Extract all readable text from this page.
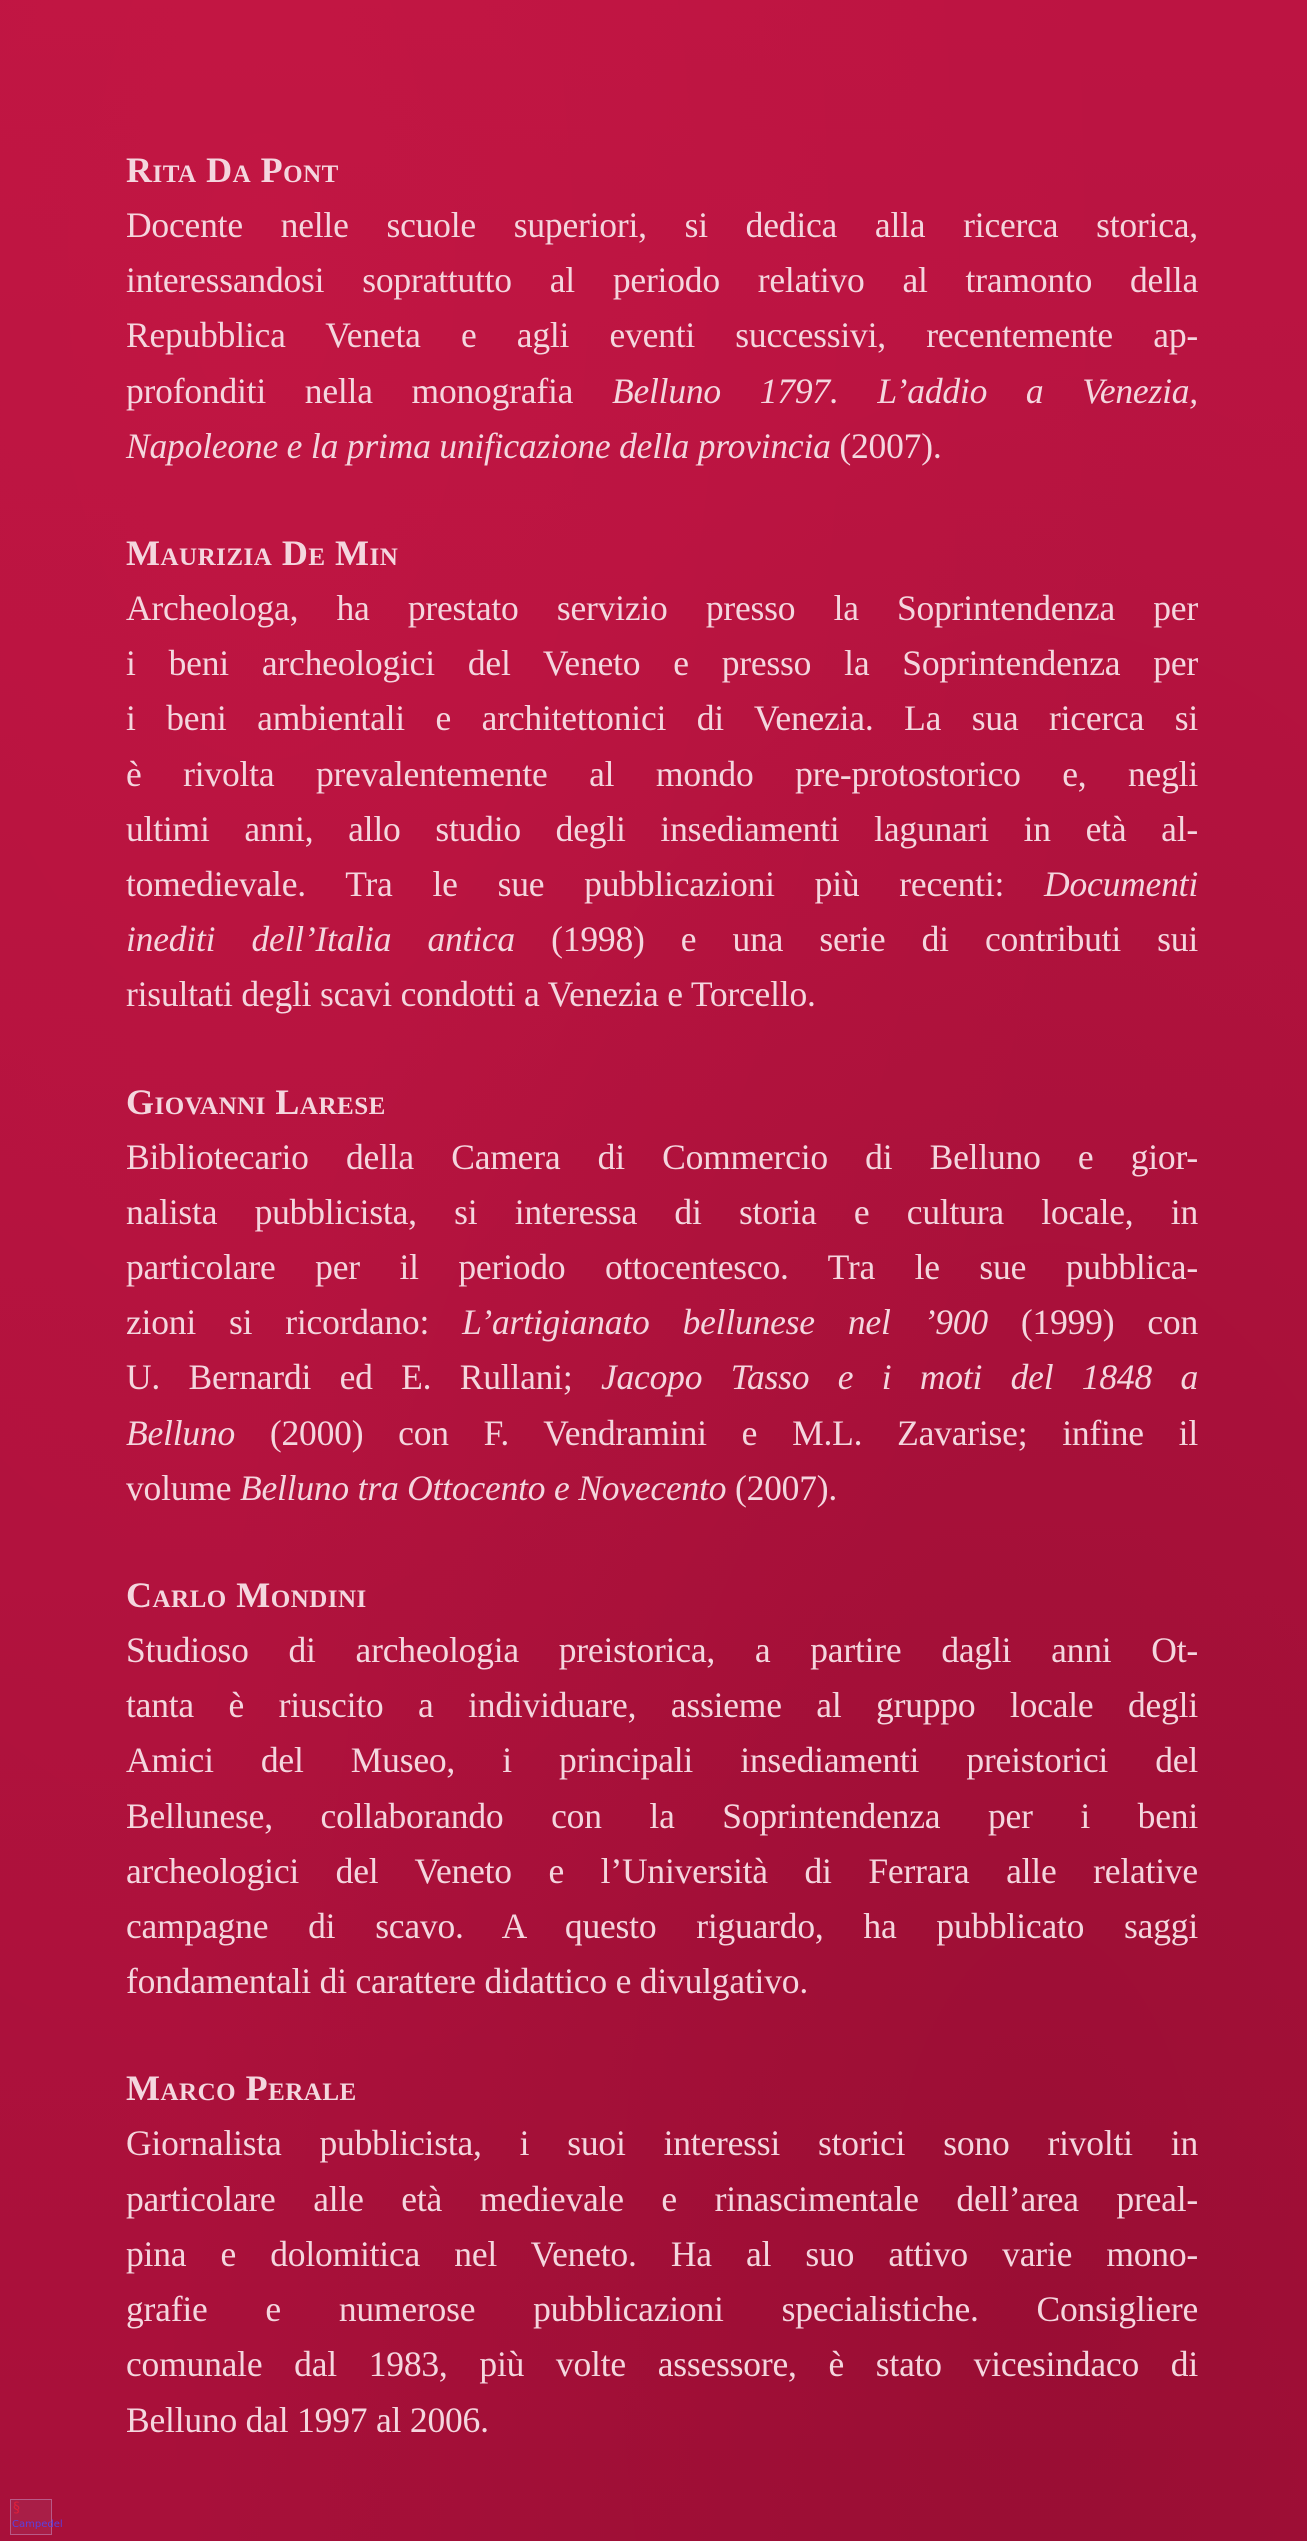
Rita Da Pont

Docente nelle scuole superiori, si dedica alla ricerca storica,
interessandosi soprattutto al periodo relativo al tramonto della
Repubblica Veneta e agli eventi successivi, recentemente ap-
profonditi nella monografia Belluno 1797. L’addio a Venezia,
Napoleone e la prima unificazione della provincia (2007).

Maurizia De Min

Archeologa, ha prestato servizio presso la Soprintendenza per
i beni archeologici del Veneto e presso la Soprintendenza per
i beni ambientali e architettonici di Venezia. La sua ricerca si
è rivolta prevalentemente al mondo pre-protostorico e, negli
ultimi anni, allo studio degli insediamenti lagunari in età al-
tomedievale. Tra le sue pubblicazioni più recenti: Documenti
inediti dell’Italia antica (1998) e una serie di contributi sui
risultati degli scavi condotti a Venezia e Torcello.

Giovanni Larese

Bibliotecario della Camera di Commercio di Belluno e gior-
nalista pubblicista, si interessa di storia e cultura locale, in
particolare per il periodo ottocentesco. Tra le sue pubblica-
zioni si ricordano: L’artigianato bellunese nel ’900 (1999) con
U. Bernardi ed E. Rullani; Jacopo Tasso e i moti del 1848 a
Belluno (2000) con F. Vendramini e M.L. Zavarise; infine il
volume Belluno tra Ottocento e Novecento (2007).

Carlo Mondini

Studioso di archeologia preistorica, a partire dagli anni Ot-
tanta è riuscito a individuare, assieme al gruppo locale degli
Amici del Museo, i principali insediamenti preistorici del
Bellunese, collaborando con la Soprintendenza per i beni
archeologici del Veneto e l’Università di Ferrara alle relative
campagne di scavo. A questo riguardo, ha pubblicato saggi
fondamentali di carattere didattico e divulgativo.

Marco Perale

Giornalista pubblicista, i suoi interessi storici sono rivolti in
particolare alle età medievale e rinascimentale dell’area preal-
pina e dolomitica nel Veneto. Ha al suo attivo varie mono-
grafie e numerose pubblicazioni specialistiche. Consigliere
comunale dal 1983, più volte assessore, è stato vicesindaco di
Belluno dal 1997 al 2006.

§
Campedel
